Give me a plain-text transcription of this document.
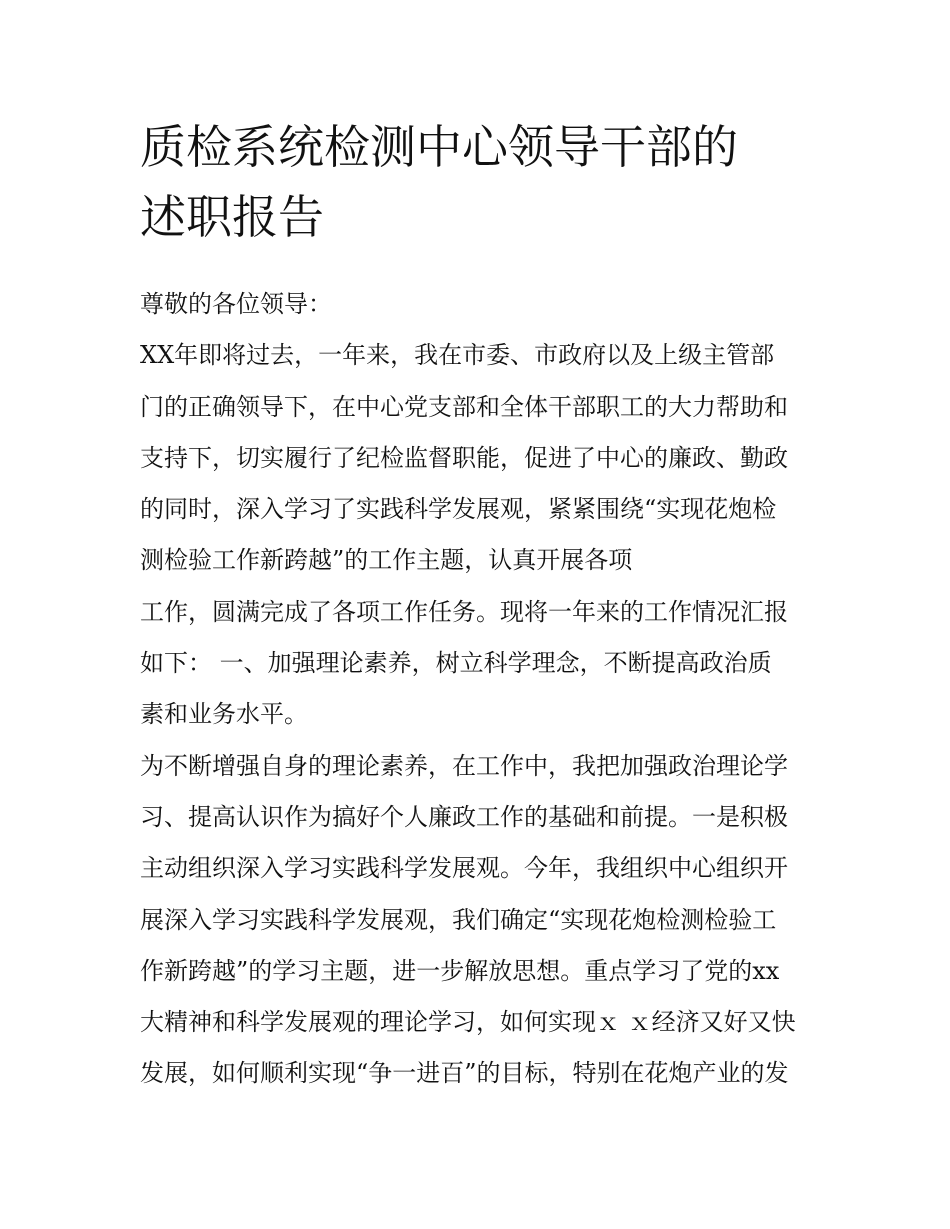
质检系统检测中心领导干部的
述职报告
尊敬的各位领导：
XX年即将过去，一年来，我在市委、市政府以及上级主管部
门的正确领导下，在中心党支部和全体干部职工的大力帮助和
支持下，切实履行了纪检监督职能，促进了中心的廉政、勤政
的同时，深入学习了实践科学发展观，紧紧围绕“实现花炮检
测检验工作新跨越”的工作主题，认真开展各项
工作，圆满完成了各项工作任务。现将一年来的工作情况汇报
如下： 一、加强理论素养，树立科学理念，不断提高政治质
素和业务水平。
为不断增强自身的理论素养，在工作中，我把加强政治理论学
习、提高认识作为搞好个人廉政工作的基础和前提。一是积极
主动组织深入学习实践科学发展观。今年，我组织中心组织开
展深入学习实践科学发展观，我们确定“实现花炮检测检验工
作新跨越”的学习主题，进一步解放思想。重点学习了党的xx
大精神和科学发展观的理论学习，如何实现ｘ ｘ经济又好又快
发展，如何顺利实现“争一进百”的目标，特别在花炮产业的发
